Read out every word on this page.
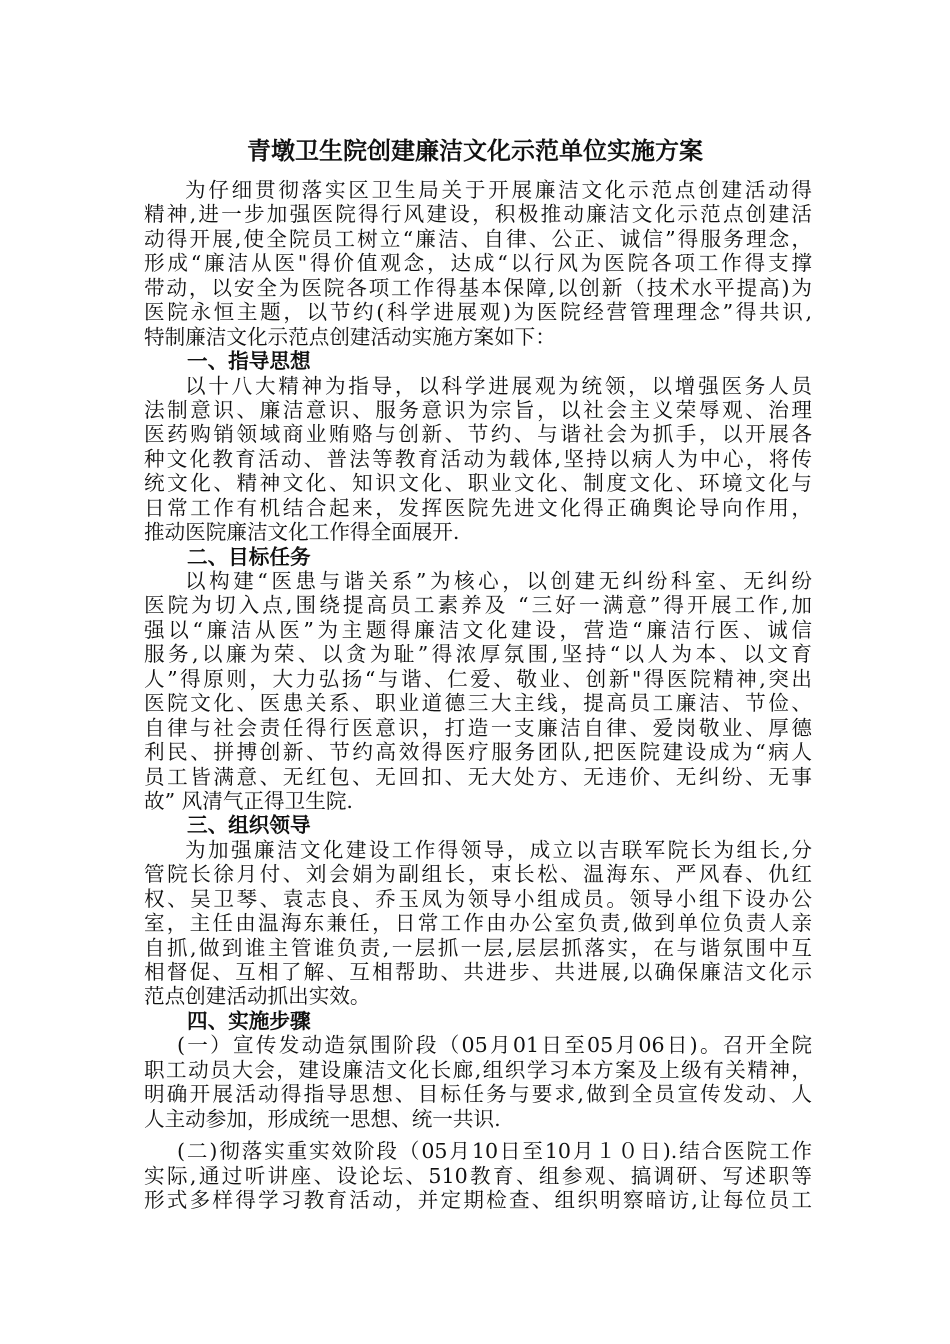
青墩卫生院创建廉洁文化示范单位实施方案
为仔细贯彻落实区卫生局关于开展廉洁文化示范点创建活动得
精神,进一步加强医院得行风建设，积极推动廉洁文化示范点创建活
动得开展,使全院员工树立“廉洁、自律、公正、诚信”得服务理念，
形成“廉洁从医"得价值观念，达成“以行风为医院各项工作得支撑
带动，以安全为医院各项工作得基本保障,以创新（技术水平提高)为
医院永恒主题，以节约(科学进展观)为医院经营管理理念”得共识,
特制廉洁文化示范点创建活动实施方案如下：
一、指导思想
以十八大精神为指导，以科学进展观为统领，以增强医务人员
法制意识、廉洁意识、服务意识为宗旨，以社会主义荣辱观、治理
医药购销领域商业贿赂与创新、节约、与谐社会为抓手，以开展各
种文化教育活动、普法等教育活动为载体,坚持以病人为中心，将传
统文化、精神文化、知识文化、职业文化、制度文化、环境文化与
日常工作有机结合起来，发挥医院先进文化得正确舆论导向作用，
推动医院廉洁文化工作得全面展开.
二、目标任务
以构建“医患与谐关系”为核心，以创建无纠纷科室、无纠纷
医院为切入点,围绕提高员工素养及 “三好一满意”得开展工作,加
强以“廉洁从医”为主题得廉洁文化建设，营造“廉洁行医、诚信
服务,以廉为荣、以贪为耻”得浓厚氛围,坚持“以人为本、以文育
人”得原则，大力弘扬“与谐、仁爱、敬业、创新"得医院精神,突出
医院文化、医患关系、职业道德三大主线，提高员工廉洁、节俭、
自律与社会责任得行医意识，打造一支廉洁自律、爱岗敬业、厚德
利民、拼搏创新、节约高效得医疗服务团队,把医院建设成为“病人
员工皆满意、无红包、无回扣、无大处方、无违价、无纠纷、无事
故” 风清气正得卫生院.
三、组织领导
为加强廉洁文化建设工作得领导，成立以吉联军院长为组长,分
管院长徐月付、刘会娟为副组长，束长松、温海东、严风春、仇红
权、吴卫琴、袁志良、乔玉凤为领导小组成员。领导小组下设办公
室，主任由温海东兼任，日常工作由办公室负责,做到单位负责人亲
自抓,做到谁主管谁负责,一层抓一层,层层抓落实，在与谐氛围中互
相督促、互相了解、互相帮助、共进步、共进展,以确保廉洁文化示
范点创建活动抓出实效。
四、实施步骤
(一）宣传发动造氛围阶段（05月01日至05月06日)。召开全院
职工动员大会，建设廉洁文化长廊,组织学习本方案及上级有关精神，
明确开展活动得指导思想、目标任务与要求,做到全员宣传发动、人
人主动参加，形成统一思想、统一共识.
(二)彻落实重实效阶段（05月10日至10月１０日).结合医院工作
实际,通过听讲座、设论坛、510教育、组参观、搞调研、写述职等
形式多样得学习教育活动，并定期检查、组织明察暗访,让每位员工
